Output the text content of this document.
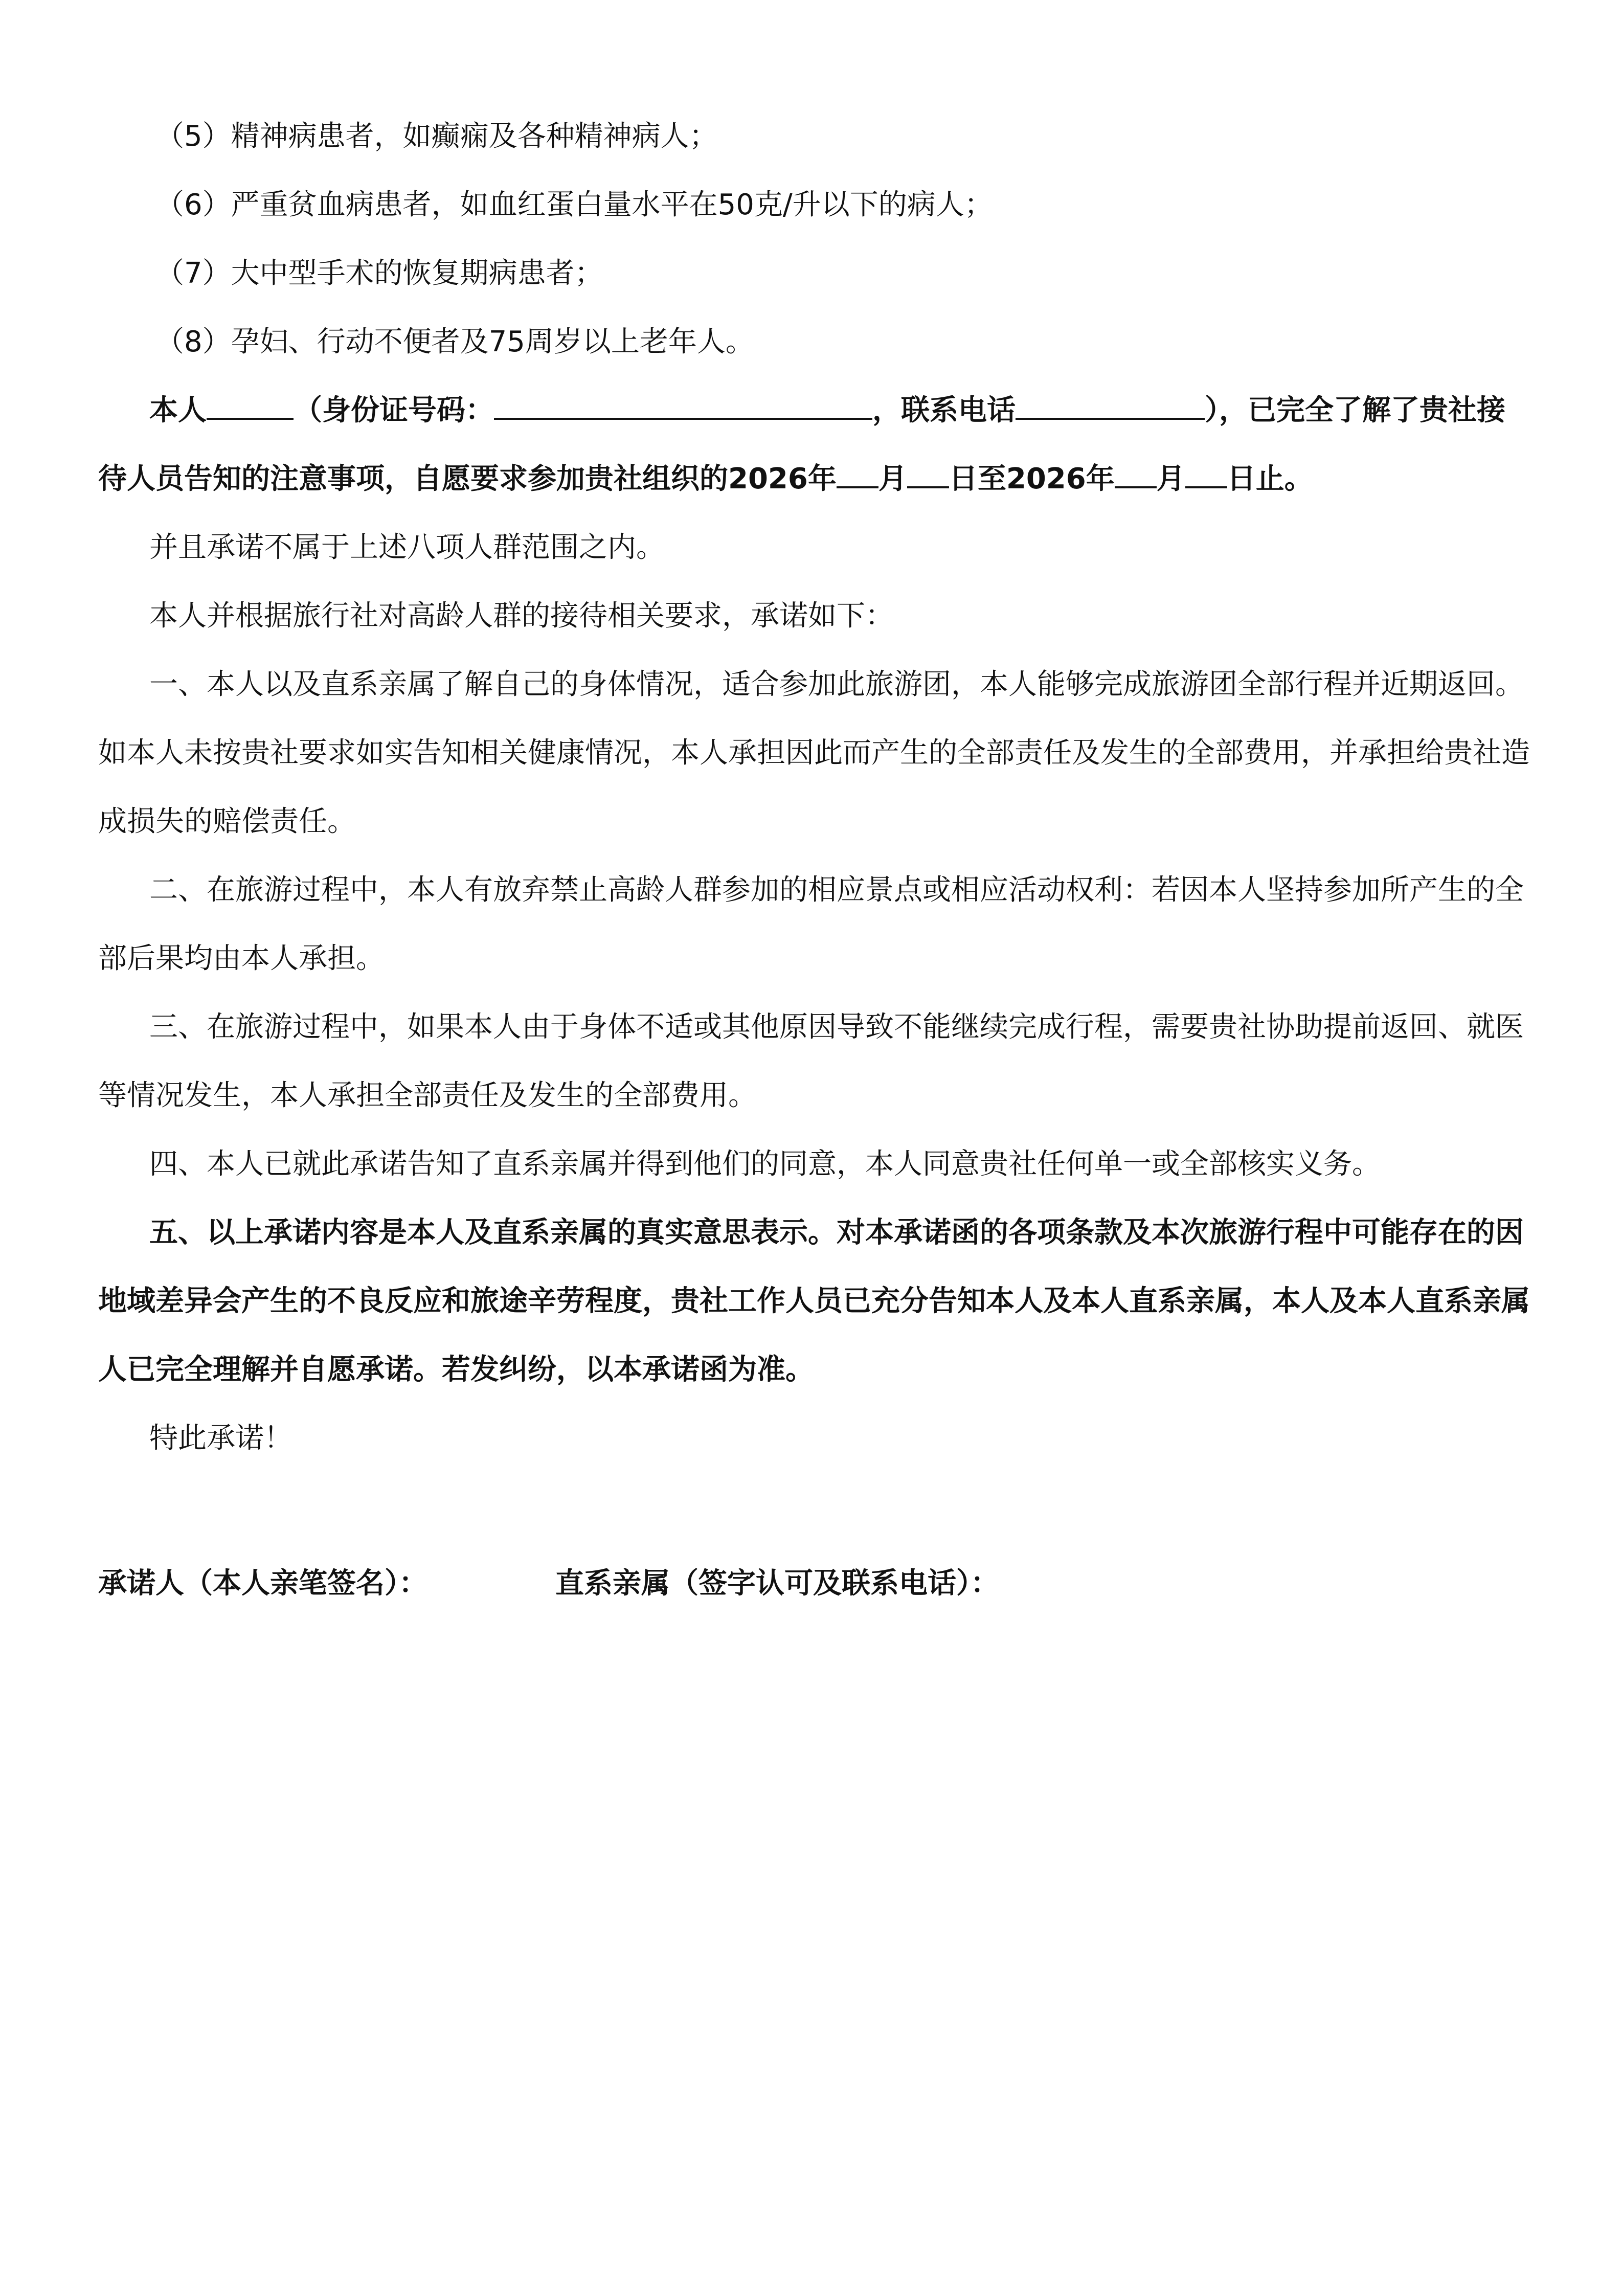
（5）精神病患者，如癫痫及各种精神病人；

（6）严重贫血病患者，如血红蛋白量水平在50克/升以下的病人；

（7）大中型手术的恢复期病患者；

（8）孕妇、行动不便者及75周岁以上老年人。

本人	（身份证号码：	，联系电话	），已完全了解了贵社接

待人员告知的注意事项，自愿要求参加贵社组织的2026年 月 日至2026年 月 日止。

并且承诺不属于上述八项人群范围之内。

本人并根据旅行社对高龄人群的接待相关要求，承诺如下：

一、本人以及直系亲属了解自己的身体情况，适合参加此旅游团，本人能够完成旅游团全部行程并近期返回。

如本人未按贵社要求如实告知相关健康情况，本人承担因此而产生的全部责任及发生的全部费用，并承担给贵社造

成损失的赔偿责任。

二、在旅游过程中，本人有放弃禁止高龄人群参加的相应景点或相应活动权利：若因本人坚持参加所产生的全

部后果均由本人承担。

三、在旅游过程中，如果本人由于身体不适或其他原因导致不能继续完成行程，需要贵社协助提前返回、就医

等情况发生，本人承担全部责任及发生的全部费用。

四、本人已就此承诺告知了直系亲属并得到他们的同意，本人同意贵社任何单一或全部核实义务。

五、以上承诺内容是本人及直系亲属的真实意思表示。对本承诺函的各项条款及本次旅游行程中可能存在的因

地域差异会产生的不良反应和旅途辛劳程度，贵社工作人员已充分告知本人及本人直系亲属，本人及本人直系亲属

人已完全理解并自愿承诺。若发纠纷，以本承诺函为准。

特此承诺！

承诺人（本人亲笔签名）：	直系亲属（签字认可及联系电话）：
